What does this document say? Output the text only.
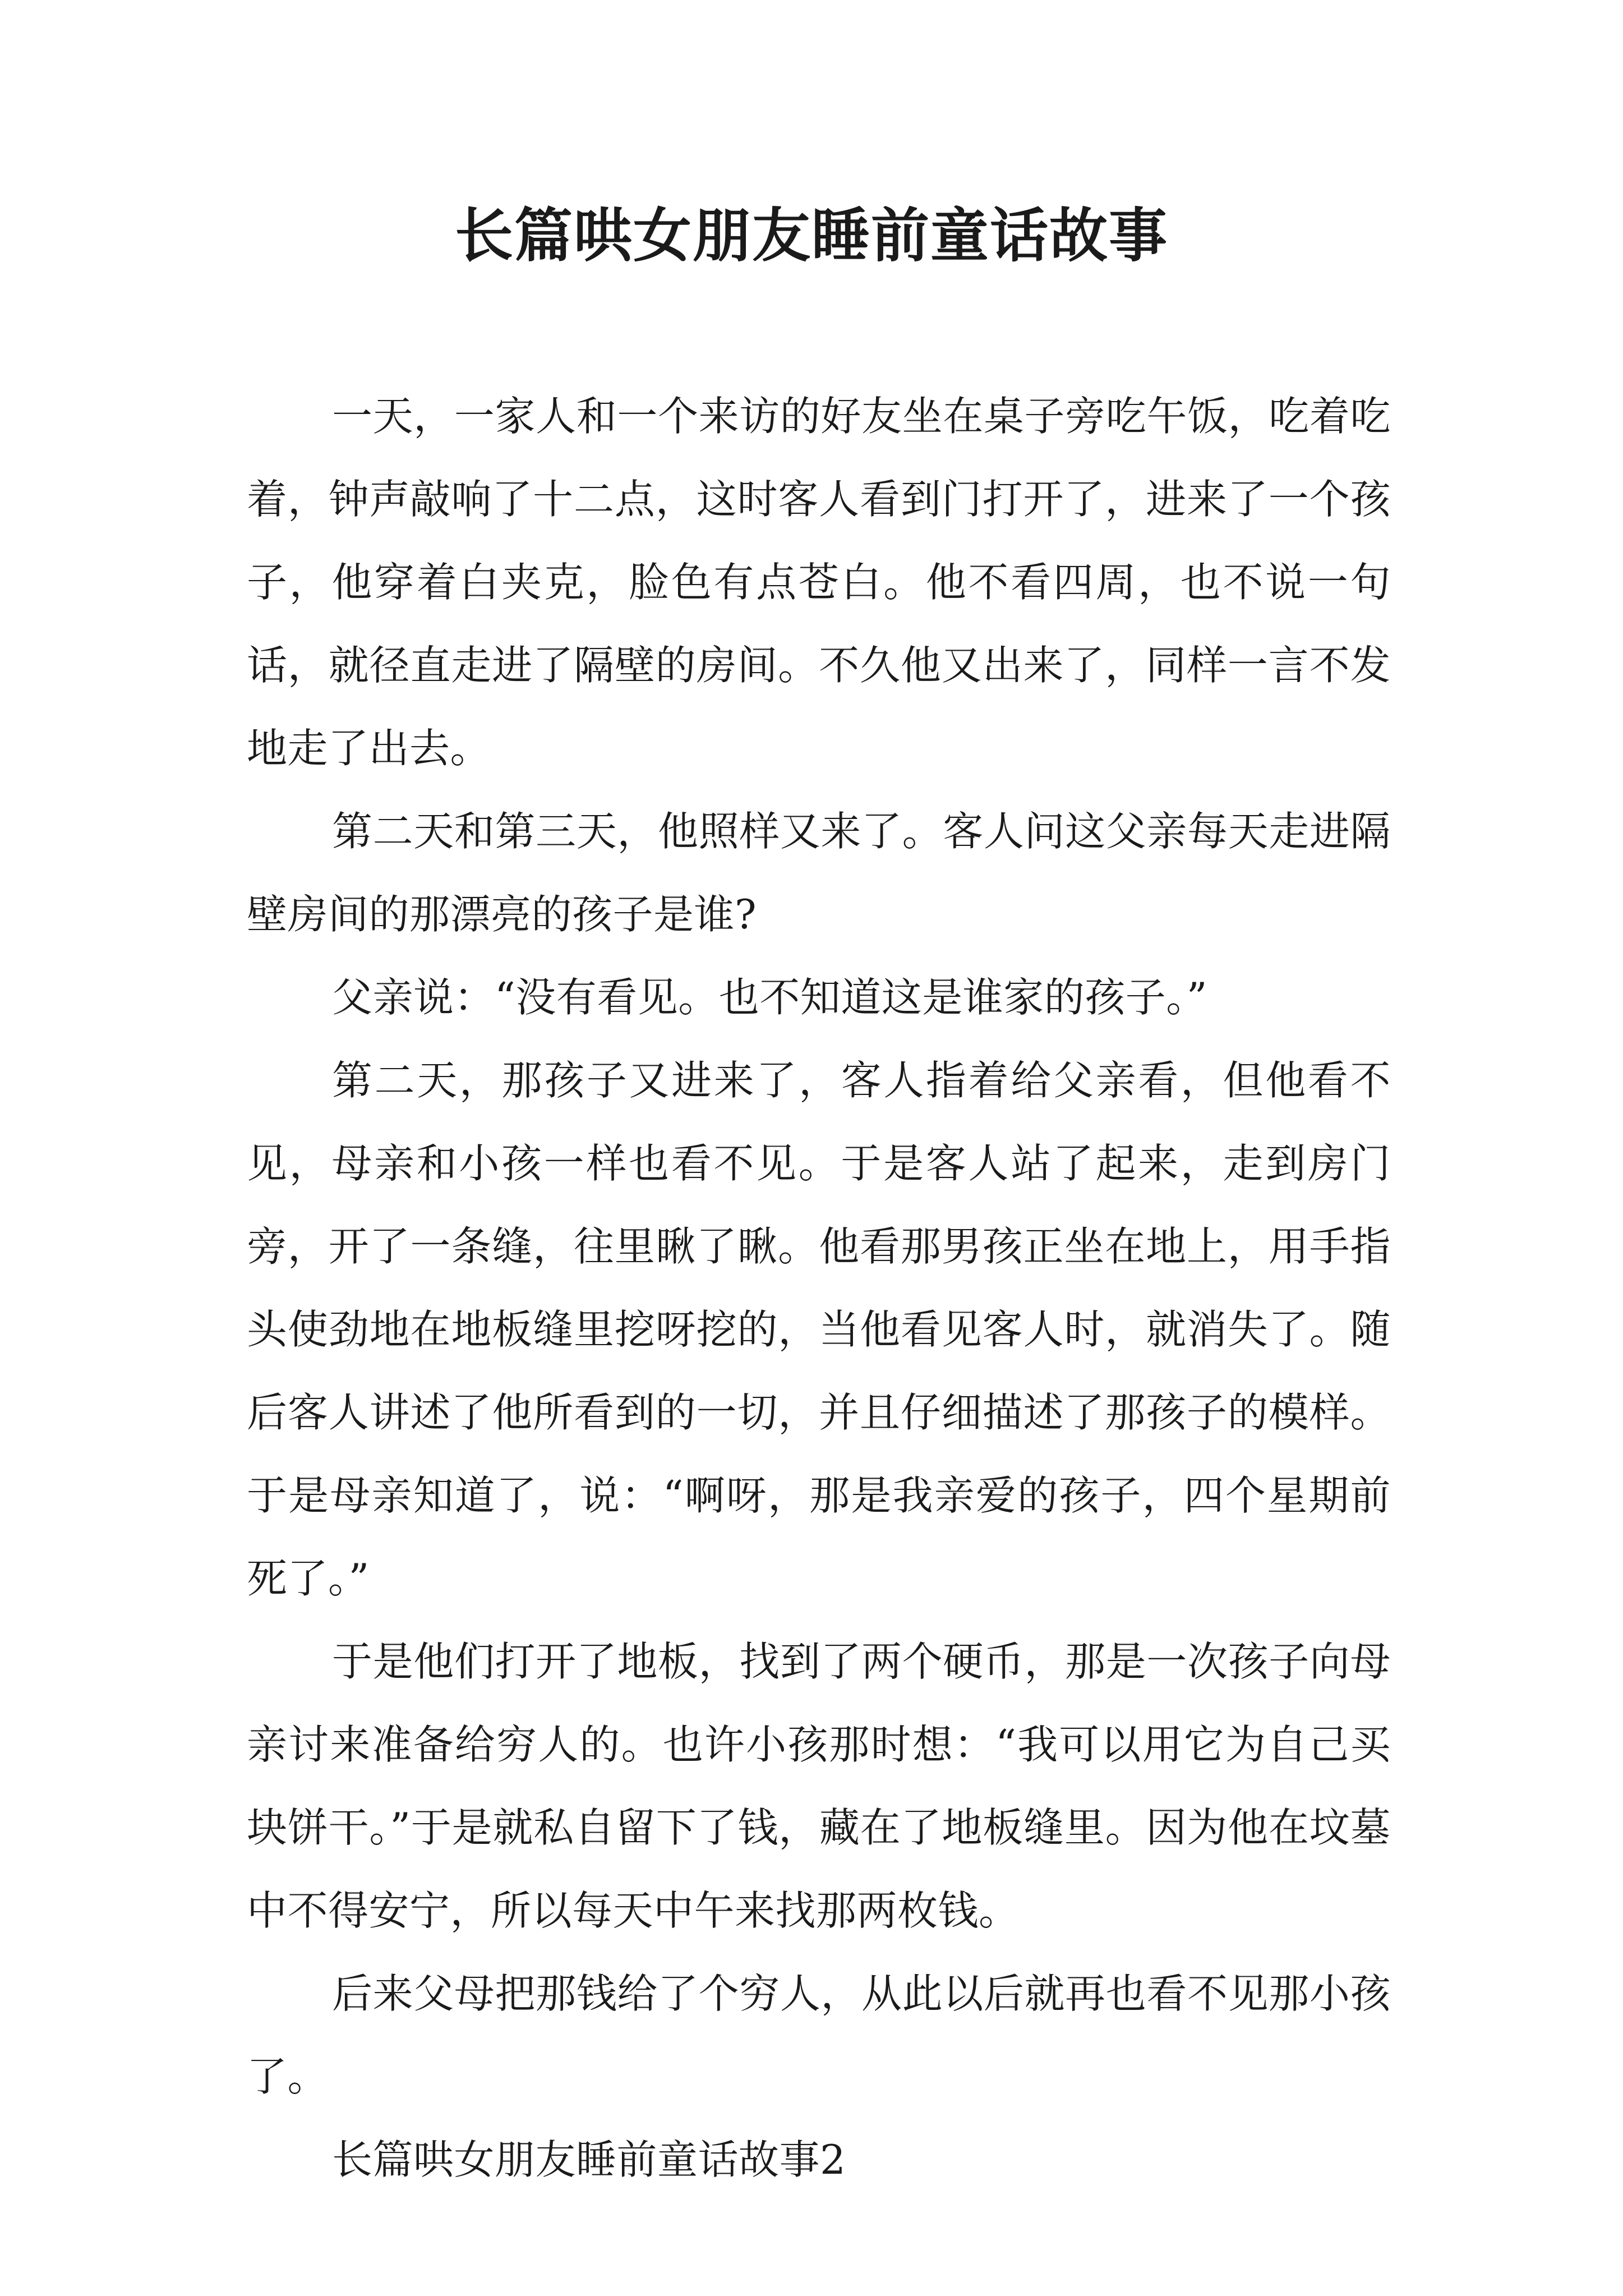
长篇哄女朋友睡前童话故事

一天，一家人和一个来访的好友坐在桌子旁吃午饭，吃着吃着，钟声敲响了十二点，这时客人看到门打开了，进来了一个孩子，他穿着白夹克，脸色有点苍白。他不看四周，也不说一句话，就径直走进了隔壁的房间。不久他又出来了，同样一言不发地走了出去。

第二天和第三天，他照样又来了。客人问这父亲每天走进隔壁房间的那漂亮的孩子是谁?

父亲说：“没有看见。也不知道这是谁家的孩子。”

第二天，那孩子又进来了，客人指着给父亲看，但他看不见，母亲和小孩一样也看不见。于是客人站了起来，走到房门旁，开了一条缝，往里瞅了瞅。他看那男孩正坐在地上，用手指头使劲地在地板缝里挖呀挖的，当他看见客人时，就消失了。随后客人讲述了他所看到的一切，并且仔细描述了那孩子的模样。于是母亲知道了，说：“啊呀，那是我亲爱的孩子，四个星期前死了。”

于是他们打开了地板，找到了两个硬币，那是一次孩子向母亲讨来准备给穷人的。也许小孩那时想：“我可以用它为自己买块饼干。”于是就私自留下了钱，藏在了地板缝里。因为他在坟墓中不得安宁，所以每天中午来找那两枚钱。

后来父母把那钱给了个穷人，从此以后就再也看不见那小孩了。

长篇哄女朋友睡前童话故事2
